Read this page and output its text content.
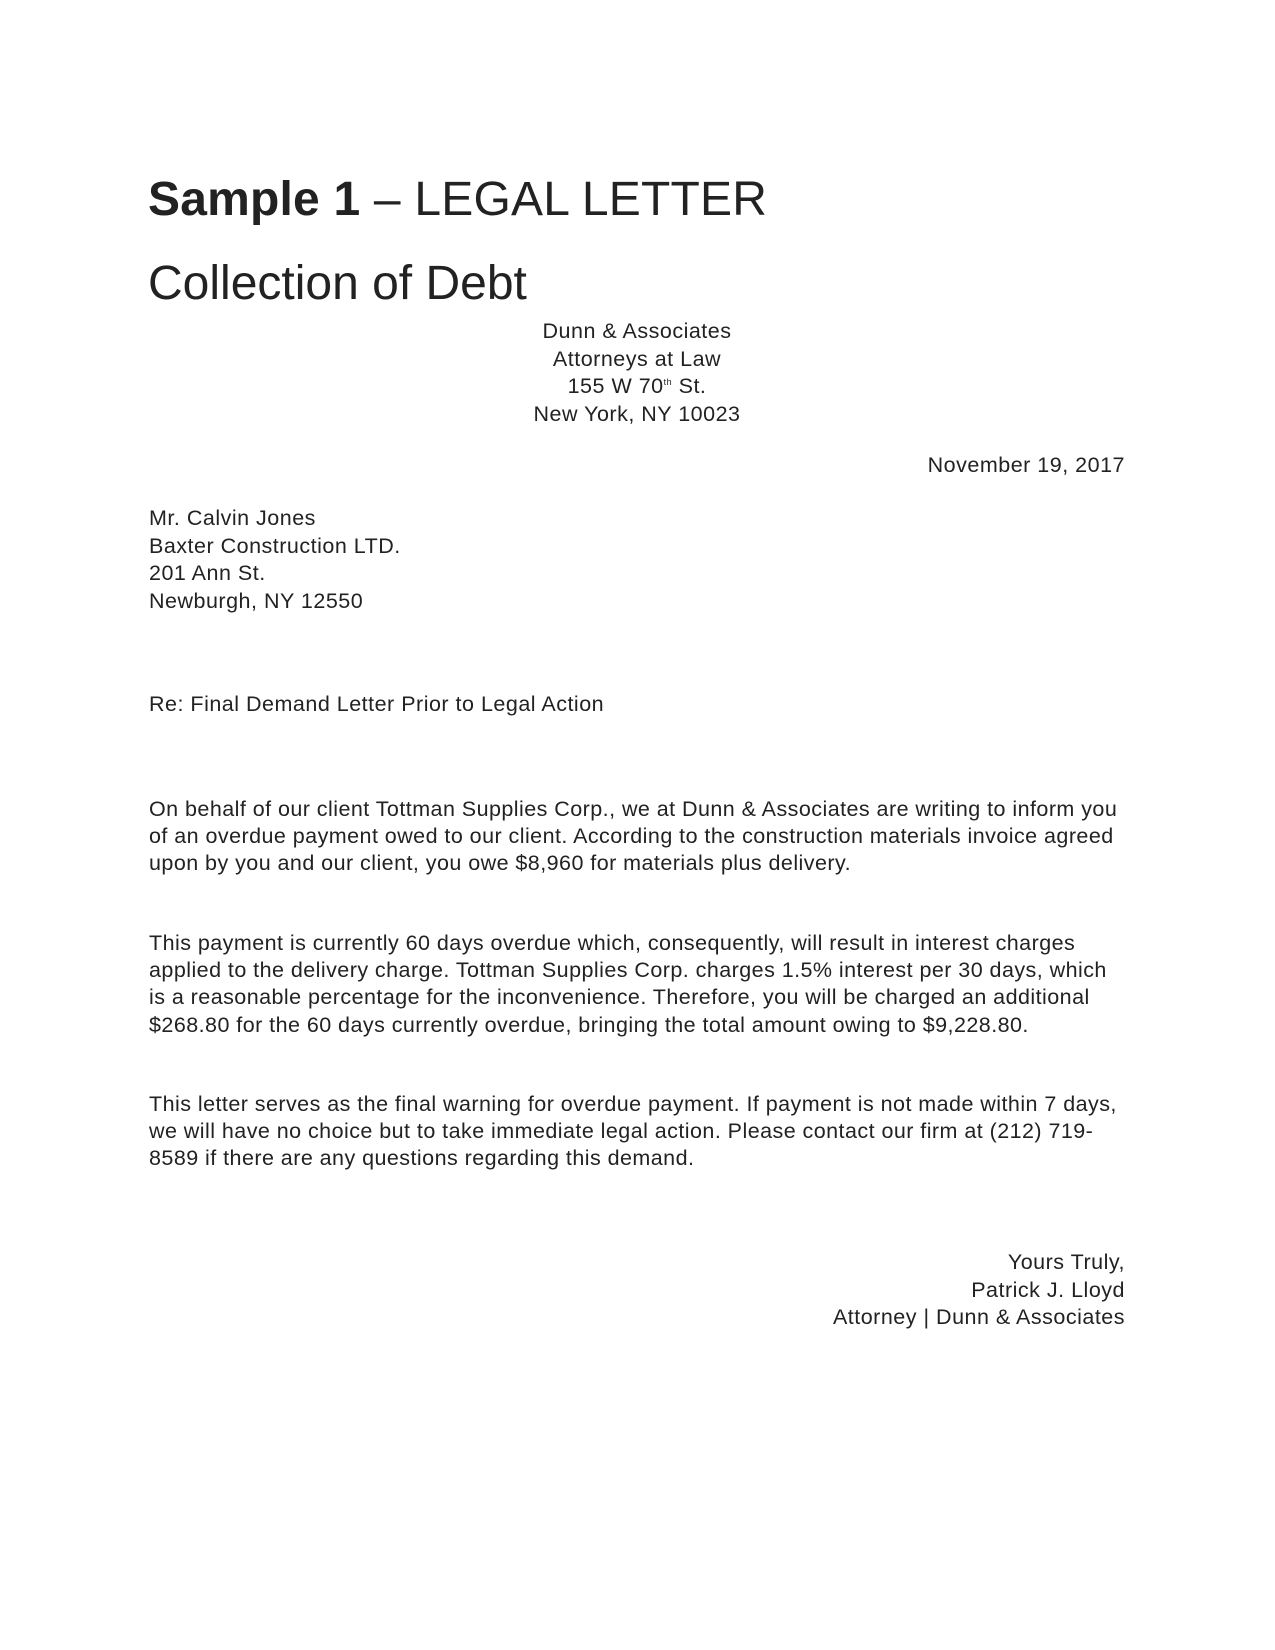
Sample 1 – LEGAL LETTER
Collection of Debt
Dunn & Associates
Attorneys at Law
155 W 70th St.
New York, NY 10023
November 19, 2017
Mr. Calvin Jones
Baxter Construction LTD.
201 Ann St.
Newburgh, NY 12550
Re: Final Demand Letter Prior to Legal Action
On behalf of our client Tottman Supplies Corp., we at Dunn & Associates are writing to inform you of an overdue payment owed to our client. According to the construction materials invoice agreed upon by you and our client, you owe $8,960 for materials plus delivery.
This payment is currently 60 days overdue which, consequently, will result in interest charges applied to the delivery charge. Tottman Supplies Corp. charges 1.5% interest per 30 days, which is a reasonable percentage for the inconvenience. Therefore, you will be charged an additional $268.80 for the 60 days currently overdue, bringing the total amount owing to $9,228.80.
This letter serves as the final warning for overdue payment. If payment is not made within 7 days, we will have no choice but to take immediate legal action. Please contact our firm at (212) 719-8589 if there are any questions regarding this demand.
Yours Truly,
Patrick J. Lloyd
Attorney | Dunn & Associates
